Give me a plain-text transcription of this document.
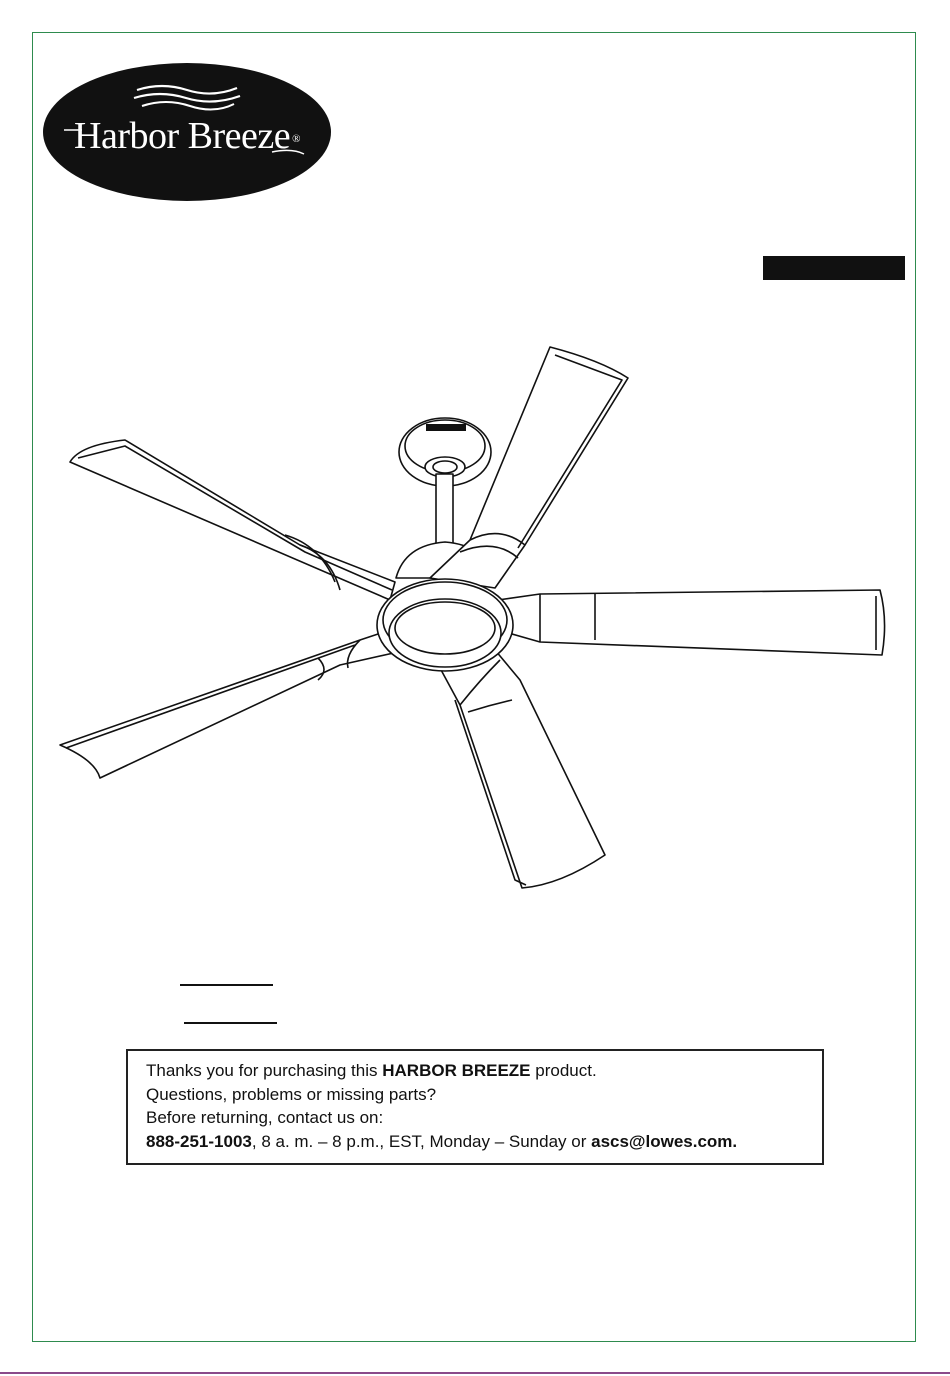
Harbor Breeze ®
Thanks you for purchasing this HARBOR BREEZE product.
Questions, problems or missing parts?
Before returning, contact us on:
888-251-1003, 8 a. m. – 8 p.m., EST, Monday – Sunday or ascs@lowes.com.
